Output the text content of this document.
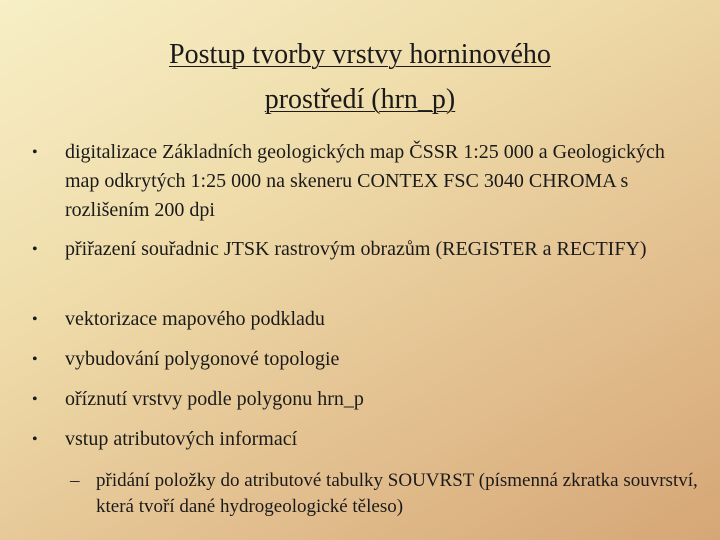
Postup tvorby vrstvy horninového
prostředí (hrn_p)
•	digitalizace Základních geologických map ČSSR 1:25 000 a Geologických map odkrytých 1:25 000 na skeneru CONTEX FSC 3040 CHROMA s rozlišením 200 dpi
•	přiřazení souřadnic JTSK rastrovým obrazům (REGISTER a RECTIFY)
•	vektorizace mapového podkladu
•	vybudování polygonové topologie
•	oříznutí vrstvy podle polygonu hrn_p
•	vstup atributových informací
– přidání položky do atributové tabulky SOUVRST (písmenná zkratka souvrství, která tvoří dané hydrogeologické těleso)
